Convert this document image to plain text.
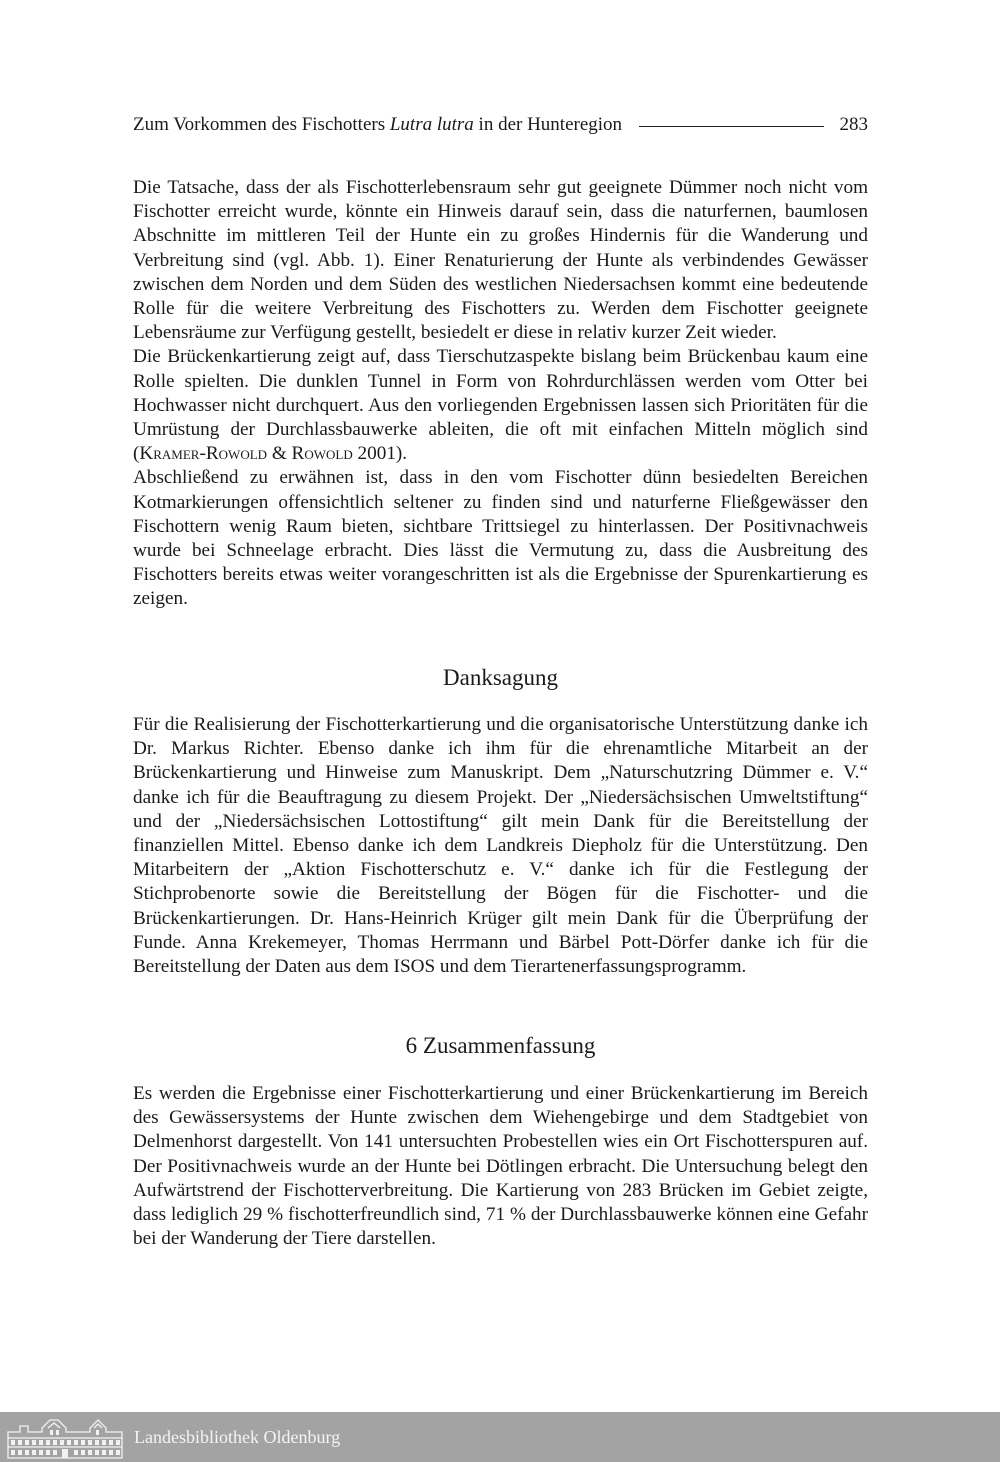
Zum Vorkommen des Fischotters Lutra lutra in der Hunteregion	283

Die Tatsache, dass der als Fischotterlebensraum sehr gut geeignete Dümmer noch nicht vom Fischotter erreicht wurde, könnte ein Hinweis darauf sein, dass die naturfernen, baumlosen Abschnitte im mittleren Teil der Hunte ein zu großes Hindernis für die Wanderung und Verbreitung sind (vgl. Abb. 1). Einer Renaturierung der Hunte als verbindendes Gewässer zwischen dem Norden und dem Süden des westlichen Niedersachsen kommt eine bedeutende Rolle für die weitere Verbreitung des Fischotters zu. Werden dem Fischotter geeignete Lebensräume zur Verfügung gestellt, besiedelt er diese in relativ kurzer Zeit wieder.

Die Brückenkartierung zeigt auf, dass Tierschutzaspekte bislang beim Brückenbau kaum eine Rolle spielten. Die dunklen Tunnel in Form von Rohrdurchlässen werden vom Otter bei Hochwasser nicht durchquert. Aus den vorliegenden Ergebnissen lassen sich Prioritäten für die Umrüstung der Durchlassbauwerke ableiten, die oft mit einfachen Mitteln möglich sind (Kramer-Rowold & Rowold 2001).

Abschließend zu erwähnen ist, dass in den vom Fischotter dünn besiedelten Bereichen Kotmarkierungen offensichtlich seltener zu finden sind und naturferne Fließgewässer den Fischottern wenig Raum bieten, sichtbare Trittsiegel zu hinterlassen. Der Positivnachweis wurde bei Schneelage erbracht. Dies lässt die Vermutung zu, dass die Ausbreitung des Fischotters bereits etwas weiter vorangeschritten ist als die Ergebnisse der Spurenkartierung es zeigen.

Danksagung

Für die Realisierung der Fischotterkartierung und die organisatorische Unterstützung danke ich Dr. Markus Richter. Ebenso danke ich ihm für die ehrenamtliche Mitarbeit an der Brückenkartierung und Hinweise zum Manuskript. Dem „Naturschutzring Dümmer e. V.“ danke ich für die Beauftragung zu diesem Projekt. Der „Niedersächsischen Umweltstiftung“ und der „Niedersächsischen Lottostiftung“ gilt mein Dank für die Bereitstellung der finanziellen Mittel. Ebenso danke ich dem Landkreis Diepholz für die Unterstützung. Den Mitarbeitern der „Aktion Fischotterschutz e. V.“ danke ich für die Festlegung der Stichprobenorte sowie die Bereitstellung der Bögen für die Fischotter- und die Brückenkartierungen. Dr. Hans-Heinrich Krüger gilt mein Dank für die Überprüfung der Funde. Anna Krekemeyer, Thomas Herrmann und Bärbel Pott-Dörfer danke ich für die Bereitstellung der Daten aus dem ISOS und dem Tierartenerfassungsprogramm.

6 Zusammenfassung

Es werden die Ergebnisse einer Fischotterkartierung und einer Brückenkartierung im Bereich des Gewässersystems der Hunte zwischen dem Wiehengebirge und dem Stadtgebiet von Delmenhorst dargestellt. Von 141 untersuchten Probestellen wies ein Ort Fischotterspuren auf. Der Positivnachweis wurde an der Hunte bei Dötlingen erbracht. Die Untersuchung belegt den Aufwärtstrend der Fischotterverbreitung. Die Kartierung von 283 Brücken im Gebiet zeigte, dass lediglich 29 % fischotterfreundlich sind, 71 % der Durchlassbauwerke können eine Gefahr bei der Wanderung der Tiere darstellen.

Landesbibliothek Oldenburg
